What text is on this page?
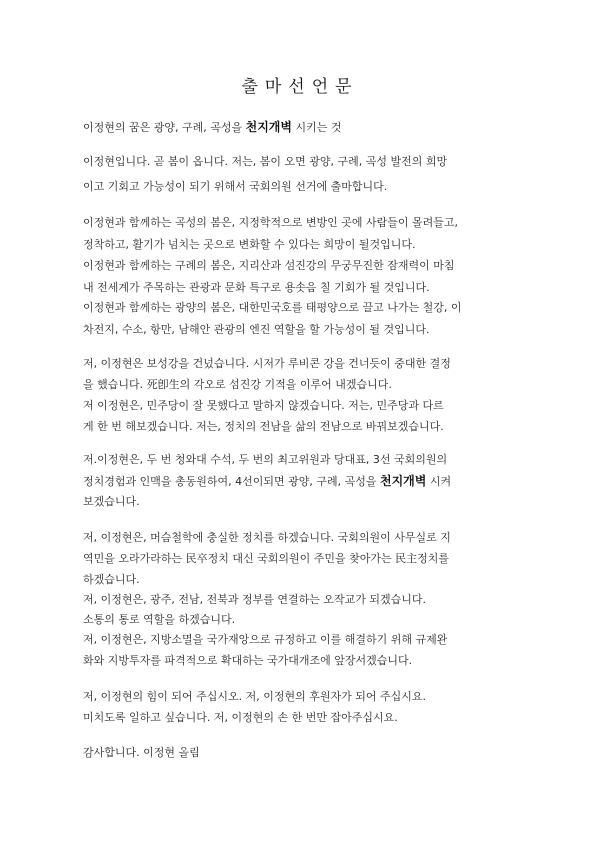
출마선언문
이정현의 꿈은 광양, 구례, 곡성을 천지개벽 시키는 것
이정현입니다. 곧 봄이 옵니다. 저는, 봄이 오면 광양, 구례, 곡성 발전의 희망
이고 기회고 가능성이 되기 위해서 국회의원 선거에 출마합니다.
이정현과 함께하는 곡성의 봄은, 지정학적으로 변방인 곳에 사람들이 몰려들고,
정착하고, 활기가 넘치는 곳으로 변화할 수 있다는 희망이 될것입니다.
이정현과 함께하는 구례의 봄은, 지리산과 섬진강의 무궁무진한 잠재력이 마침
내 전세계가 주목하는 관광과 문화 특구로 용솟음 칠 기회가 될 것입니다.
이정현과 함께하는 광양의 봄은, 대한민국호를 태평양으로 끌고 나가는 철강, 이
차전지, 수소, 항만, 남해안 관광의 엔진 역할을 할 가능성이 될 것입니다.
저, 이정현은 보성강을 건넜습니다. 시저가 루비콘 강을 건너듯이 중대한 결정
을 했습니다. 死卽生의 각오로 섬진강 기적을 이루어 내겠습니다.
저 이정현은, 민주당이 잘 못했다고 말하지 않겠습니다. 저는, 민주당과 다르
게 한 번 해보겠습니다. 저는, 정치의 전남을 삶의 전남으로 바꿔보겠습니다.
저.이정현은, 두 번 청와대 수석, 두 번의 최고위원과 당대표, 3선 국회의원의
정치경험과 인맥을 총동원하여, 4선이되면 광양, 구례, 곡성을 천지개벽 시켜
보겠습니다.
저, 이정현은, 머슴철학에 충실한 정치를 하겠습니다. 국회의원이 사무실로 지
역민을 오라가라하는 民卒정치 대신 국회의원이 주민을 찾아가는 民主정치를
하겠습니다.
저, 이정현은, 광주, 전남, 전북과 정부를 연결하는 오작교가 되겠습니다.
소통의 통로 역할을 하겠습니다.
저, 이정현은, 지방소멸을 국가재앙으로 규정하고 이를 해결하기 위해 규제완
화와 지방투자를 파격적으로 확대하는 국가대개조에 앞장서겠습니다.
저, 이정현의 힘이 되어 주십시오. 저, 이정현의 후원자가 되어 주십시요.
미치도록 일하고 싶습니다. 저, 이정현의 손 한 번만 잡아주십시요.
감사합니다. 이정현 올림
